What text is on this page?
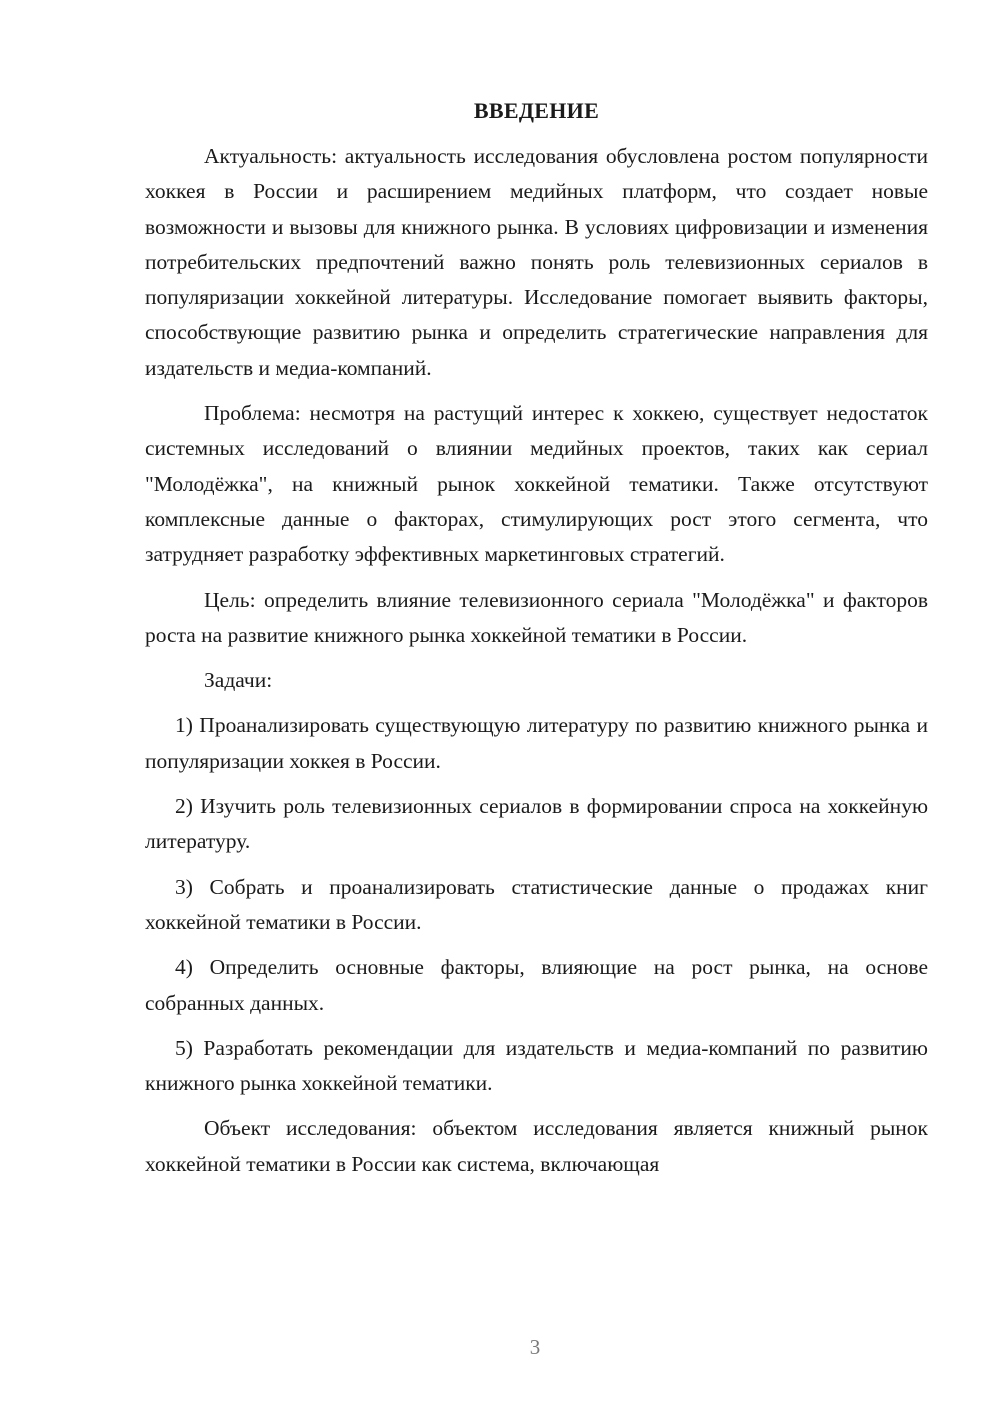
ВВЕДЕНИЕ

Актуальность: актуальность исследования обусловлена ростом популярности хоккея в России и расширением медийных платформ, что создает новые возможности и вызовы для книжного рынка. В условиях цифровизации и изменения потребительских предпочтений важно понять роль телевизионных сериалов в популяризации хоккейной литературы. Исследование помогает выявить факторы, способствующие развитию рынка и определить стратегические направления для издательств и медиа-компаний.

Проблема: несмотря на растущий интерес к хоккею, существует недостаток системных исследований о влиянии медийных проектов, таких как сериал "Молодёжка", на книжный рынок хоккейной тематики. Также отсутствуют комплексные данные о факторах, стимулирующих рост этого сегмента, что затрудняет разработку эффективных маркетинговых стратегий.

Цель: определить влияние телевизионного сериала "Молодёжка" и факторов роста на развитие книжного рынка хоккейной тематики в России.

Задачи:

1) Проанализировать существующую литературу по развитию книжного рынка и популяризации хоккея в России.

2) Изучить роль телевизионных сериалов в формировании спроса на хоккейную литературу.

3) Собрать и проанализировать статистические данные о продажах книг хоккейной тематики в России.

4) Определить основные факторы, влияющие на рост рынка, на основе собранных данных.

5) Разработать рекомендации для издательств и медиа-компаний по развитию книжного рынка хоккейной тематики.

Объект исследования: объектом исследования является книжный рынок хоккейной тематики в России как система, включающая

3
